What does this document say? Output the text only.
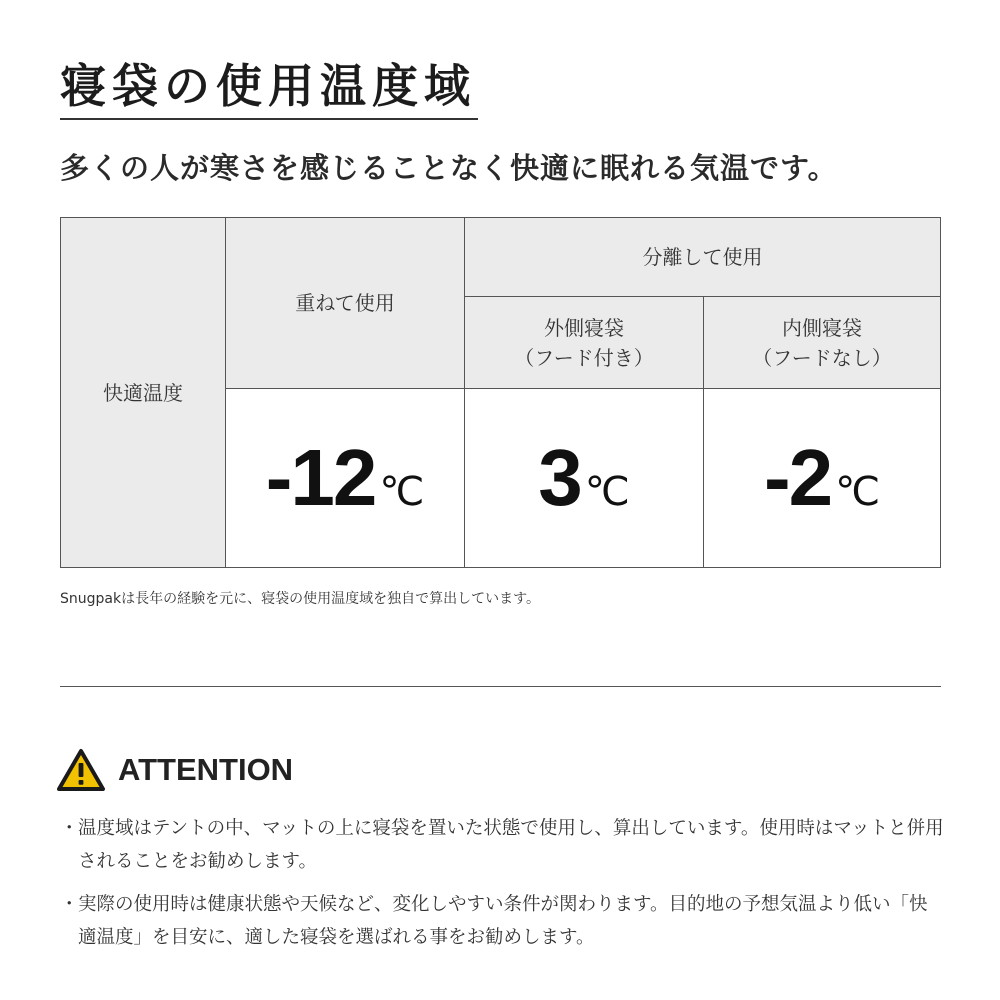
寝袋の使用温度域
多くの人が寒さを感じることなく快適に眠れる気温です。
快適温度
重ねて使用
分離して使用
外側寝袋
（フード付き）
内側寝袋
（フードなし）
-12 ℃ 3 ℃ -2 ℃
Snugpakは長年の経験を元に、寝袋の使用温度域を独自で算出しています。
ATTENTION
・ 温度域はテントの中、マットの上に寝袋を置いた状態で使用し、算出しています。使用時はマットと併用されることをお勧めします。
・ 実際の使用時は健康状態や天候など、変化しやすい条件が関わります。目的地の予想気温より低い「快適温度」を目安に、適した寝袋を選ばれる事をお勧めします。
